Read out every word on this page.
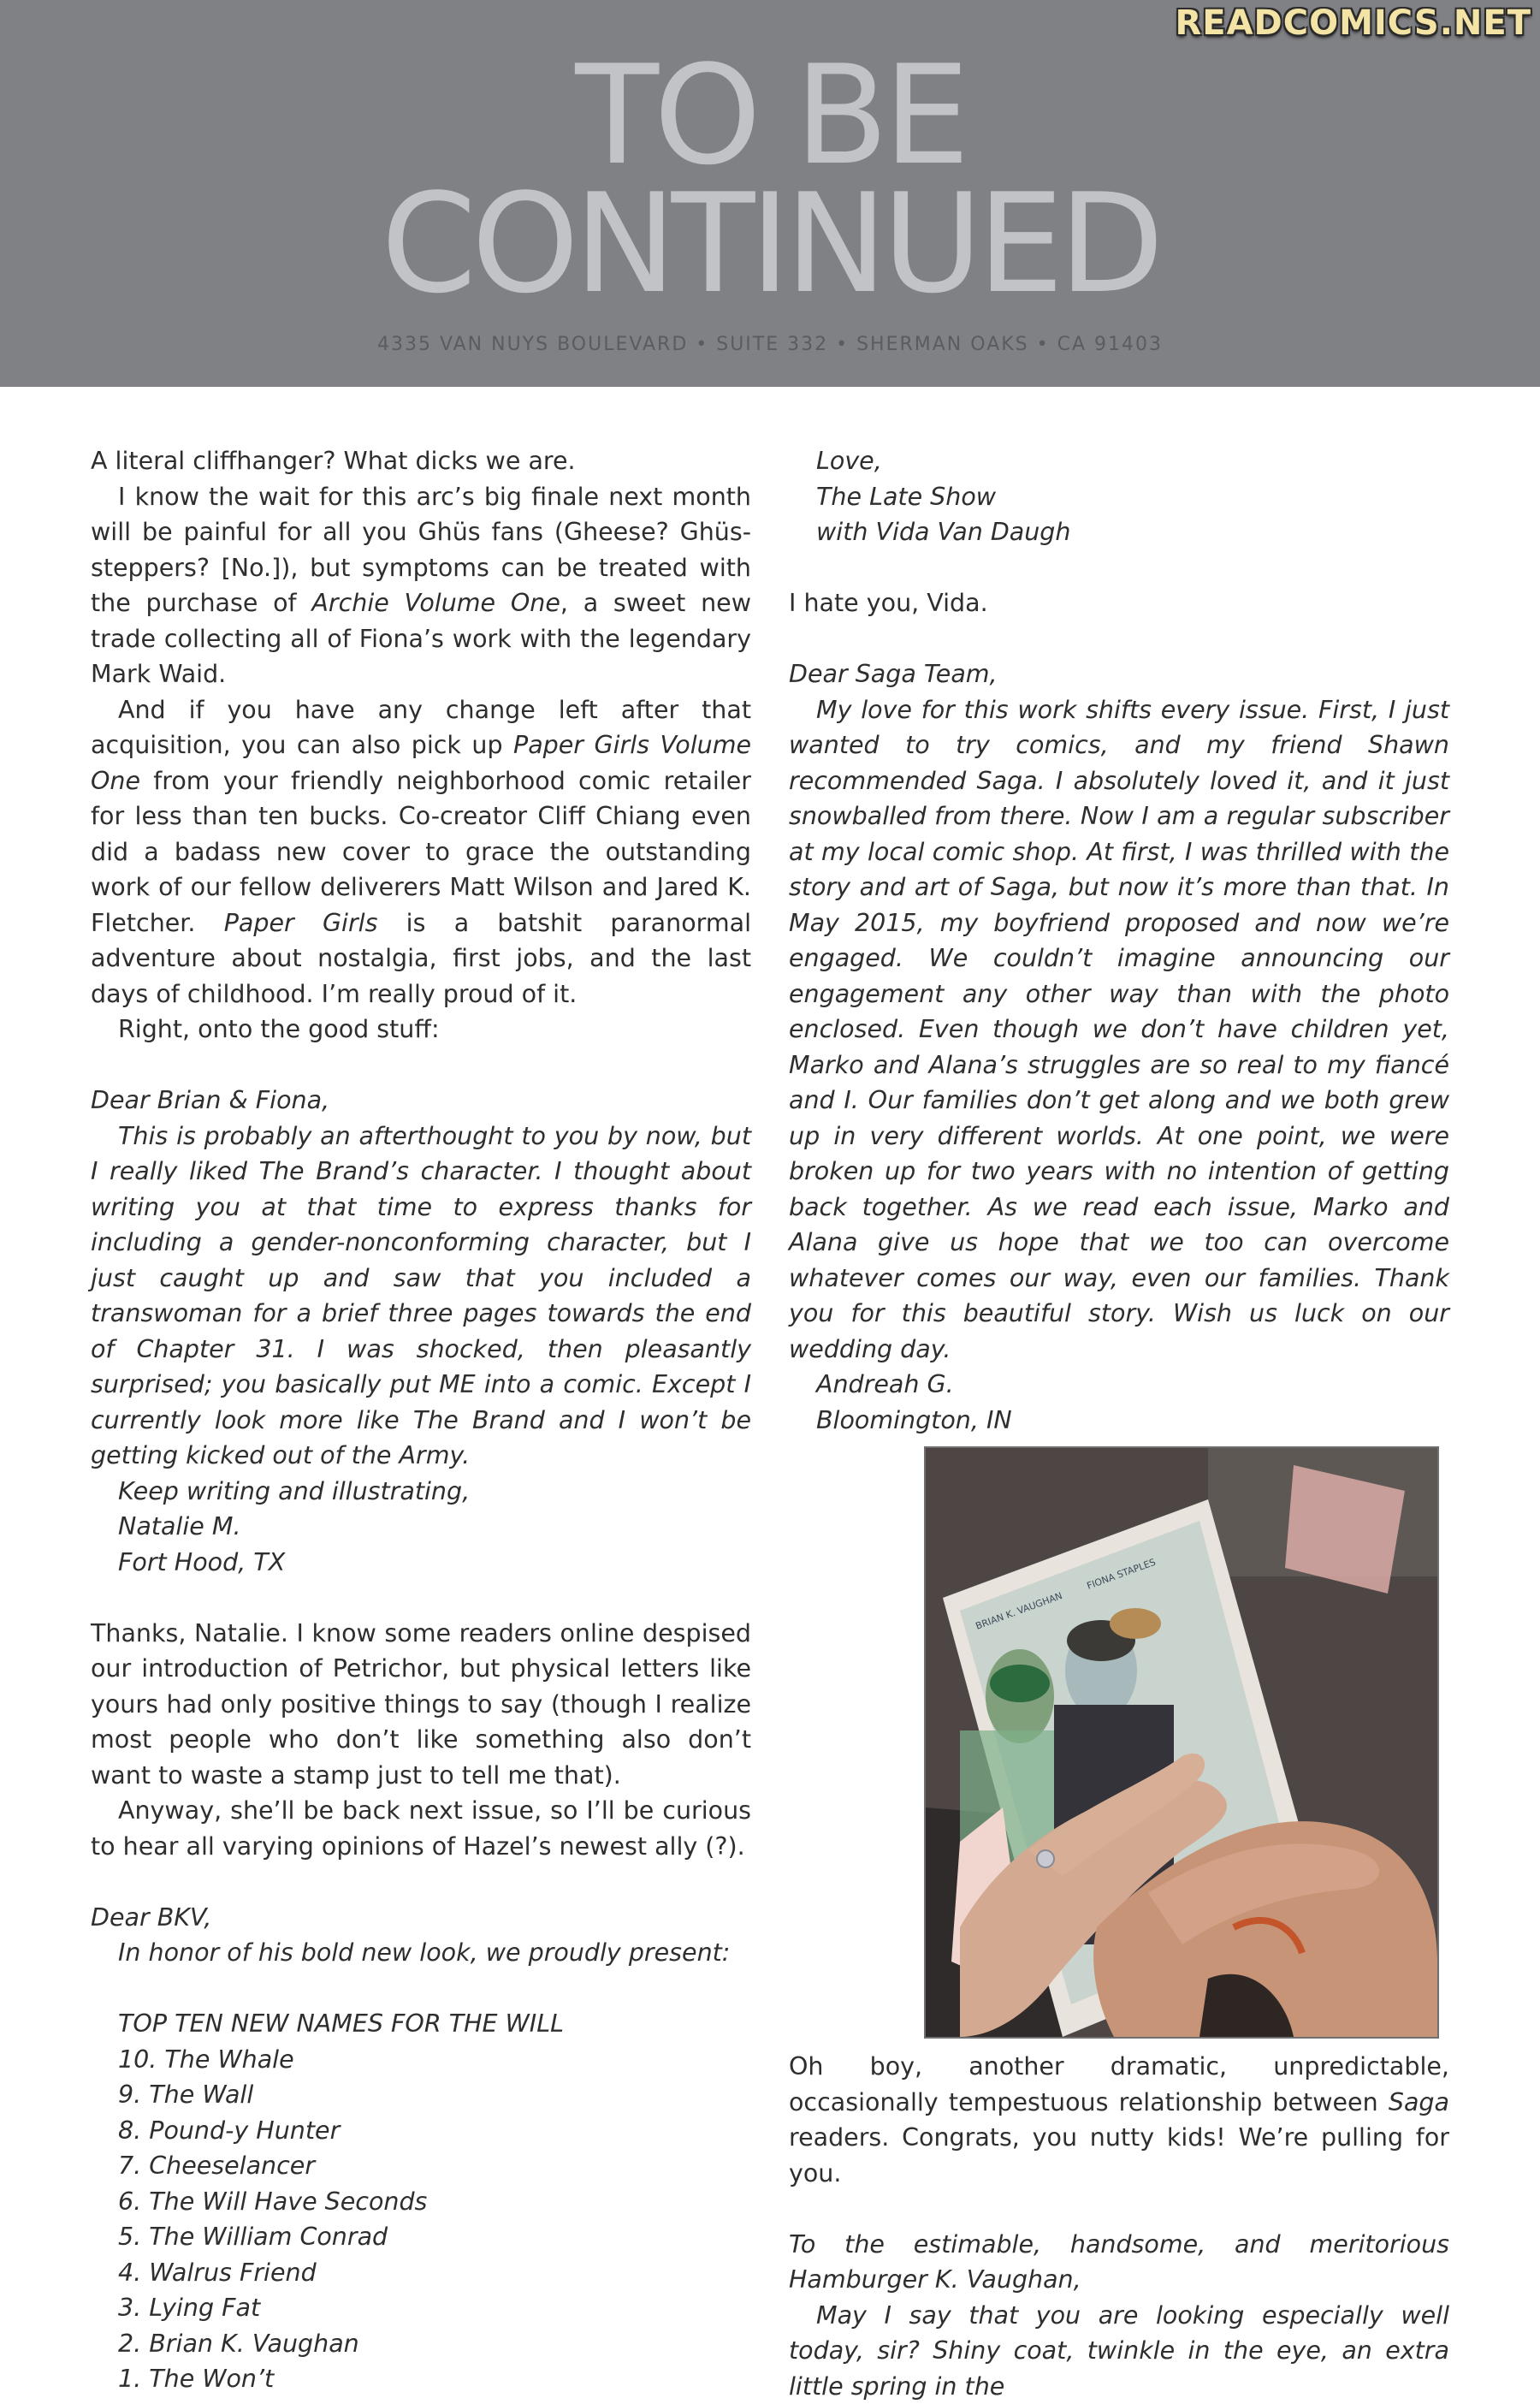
READCOMICS.NET
TO BE
CONTINUED
4335 VAN NUYS BOULEVARD • SUITE 332 • SHERMAN OAKS • CA 91403

A literal cliffhanger? What dicks we are.

I know the wait for this arc’s big finale next month will be painful for all you Ghüs fans (Gheese? Ghüs-steppers? [No.]), but symptoms can be treated with the purchase of Archie Volume One, a sweet new trade collecting all of Fiona’s work with the legendary Mark Waid.

And if you have any change left after that acquisition, you can also pick up Paper Girls Volume One from your friendly neighborhood comic retailer for less than ten bucks. Co-creator Cliff Chiang even did a badass new cover to grace the outstanding work of our fellow deliverers Matt Wilson and Jared K. Fletcher. Paper Girls is a batshit paranormal adventure about nostalgia, first jobs, and the last days of childhood. I’m really proud of it.

Right, onto the good stuff:

Dear Brian & Fiona,

This is probably an afterthought to you by now, but I really liked The Brand’s character. I thought about writing you at that time to express thanks for including a gender-nonconforming character, but I just caught up and saw that you included a transwoman for a brief three pages towards the end of Chapter 31. I was shocked, then pleasantly surprised; you basically put ME into a comic. Except I currently look more like The Brand and I won’t be getting kicked out of the Army.

Keep writing and illustrating,

Natalie M.

Fort Hood, TX

Thanks, Natalie. I know some readers online despised our introduction of Petrichor, but physical letters like yours had only positive things to say (though I realize most people who don’t like something also don’t want to waste a stamp just to tell me that).

Anyway, she’ll be back next issue, so I’ll be curious to hear all varying opinions of Hazel’s newest ally (?).

Dear BKV,

In honor of his bold new look, we proudly present:

TOP TEN NEW NAMES FOR THE WILL

10. The Whale

9. The Wall

8. Pound-y Hunter

7. Cheeselancer

6. The Will Have Seconds

5. The William Conrad

4. Walrus Friend

3. Lying Fat

2. Brian K. Vaughan

1. The Won’t

Love,

The Late Show

with Vida Van Daugh

I hate you, Vida.

Dear Saga Team,

My love for this work shifts every issue. First, I just wanted to try comics, and my friend Shawn recommended Saga. I absolutely loved it, and it just snowballed from there. Now I am a regular subscriber at my local comic shop. At first, I was thrilled with the story and art of Saga, but now it’s more than that. In May 2015, my boyfriend proposed and now we’re engaged. We couldn’t imagine announcing our engagement any other way than with the photo enclosed. Even though we don’t have children yet, Marko and Alana’s struggles are so real to my fiancé and I. Our families don’t get along and we both grew up in very different worlds. At one point, we were broken up for two years with no intention of getting back together. As we read each issue, Marko and Alana give us hope that we too can overcome whatever comes our way, even our families. Thank you for this beautiful story. Wish us luck on our wedding day.

Andreah G.

Bloomington, IN

BRIAN K. VAUGHAN
FIONA STAPLES

Oh boy, another dramatic, unpredictable, occasionally tempestuous relationship between Saga readers. Congrats, you nutty kids! We’re pulling for you.

To the estimable, handsome, and meritorious Hamburger K. Vaughan,

May I say that you are looking especially well today, sir? Shiny coat, twinkle in the eye, an extra little spring in the
